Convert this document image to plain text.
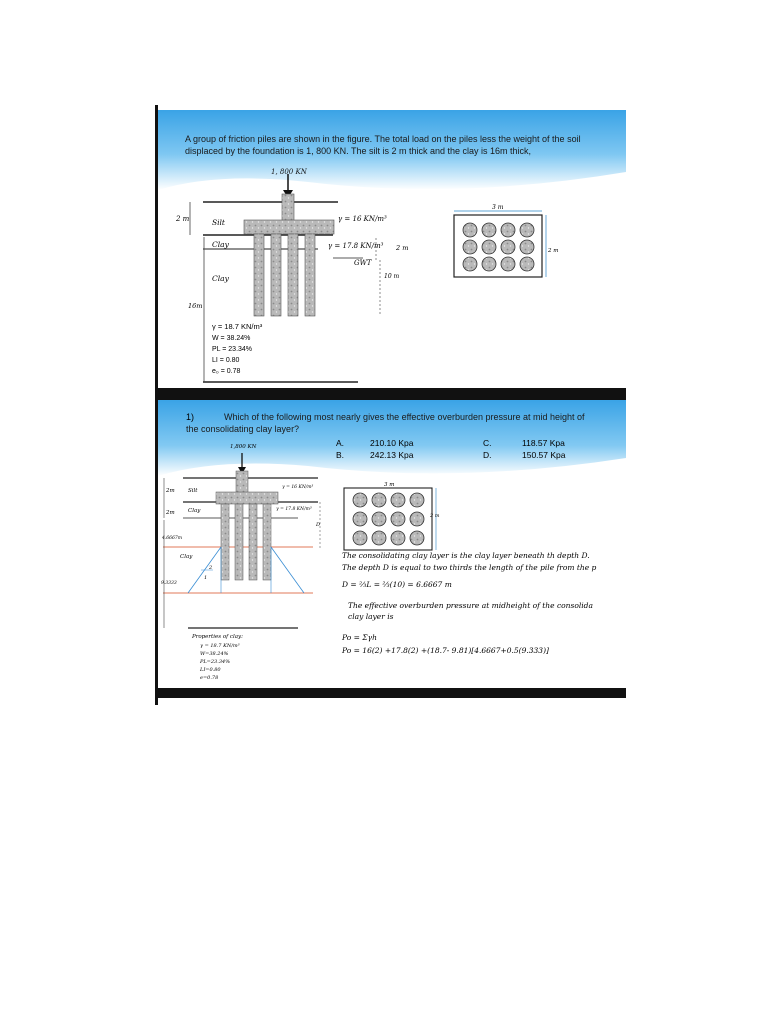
A group of friction piles are shown in the figure. The total load on the piles less the weight of the soil
displaced by the foundation is 1, 800 KN. The silt is 2 m thick and the clay is 16m thick,
1, 800 KN
2 m	Silt
Clay
Clay
16m
γ = 16 KN/m³
γ = 17.8 KN/m³ 2 m
GWT
10 m
3 m
2 m
γ = 18.7 KN/m³
W = 38.24%
PL = 23.34%
LI = 0.80
e₀ = 0.78
1)	Which of the following most nearly gives the effective overburden pressure at mid height of
the consolidating clay layer?
A.	210.10 Kpa
B.	242.13 Kpa
C.	118.57 Kpa
D.	150.57 Kpa
1,800 KN
2m
2m
Silt
Clay
Clay
4.6667m
9.3333
γ = 16 KN/m³
γ = 17.8 KN/m³
D
2
1
3 m
2 m
The consolidating clay layer is the clay layer beneath th depth D.
The depth D is equal to two thirds the length of the pile from the p
D = ⅔L = ⅔(10) = 6.6667 m
The effective overburden pressure at midheight of the consolida
clay layer is
Po = Σγh
Po = 16(2) +17.8(2) +(18.7- 9.81)[4.6667+0.5(9.333)]
Properties of clay:
γ = 18.7 KN/m³
W=38.24%
PL=23.34%
LI=0.80
e=0.78
